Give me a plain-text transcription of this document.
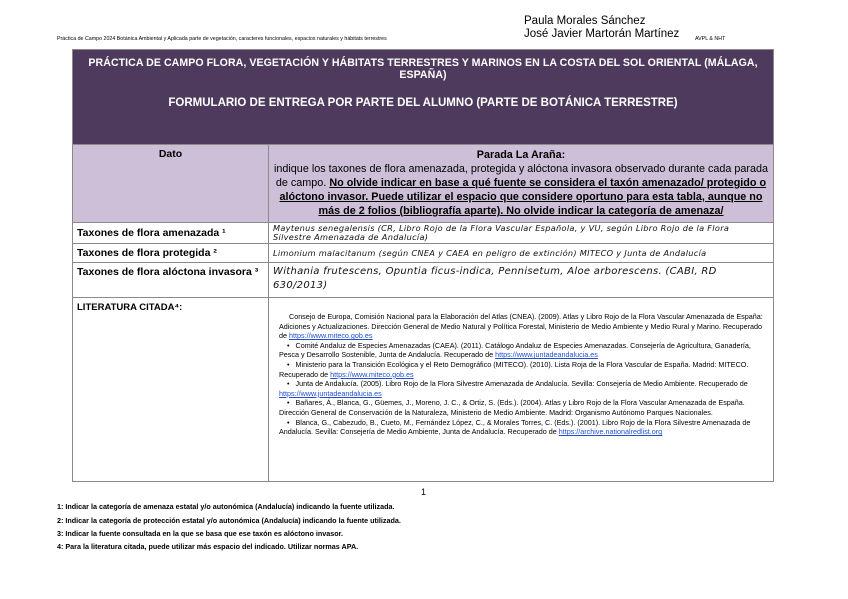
Práctica de Campo 2024 Botánica Ambiental y Aplicada parte de vegetación, caracteres funcionales, espacios naturales y hábitats terrestres
Paula Morales Sánchez
José Javier Martorán Martínez	AVPL & NHT
PRÁCTICA DE CAMPO FLORA, VEGETACIÓN Y HÁBITATS TERRESTRES Y MARINOS EN LA COSTA DEL SOL ORIENTAL (MÁLAGA, ESPAÑA)
FORMULARIO DE ENTREGA POR PARTE DEL ALUMNO (PARTE DE BOTÁNICA TERRESTRE)
Dato	Parada La Araña:
indique los taxones de flora amenazada, protegida y alóctona invasora observado durante cada parada de campo. No olvide indicar en base a qué fuente se considera el taxón amenazado/ protegido o alóctono invasor. Puede utilizar el espacio que considere oportuno para esta tabla, aunque no más de 2 folios (bibliografía aparte). No olvide indicar la categoría de amenaza/
Taxones de flora amenazada ¹	Maytenus senegalensis (CR, Libro Rojo de la Flora Vascular Española, y VU, según Libro Rojo de la Flora Silvestre Amenazada de Andalucía)
Taxones de flora protegida ²	Limonium malacitanum (según CNEA y CAEA en peligro de extinción) MITECO y Junta de Andalucía
Taxones de flora alóctona invasora ³	Withania frutescens, Opuntia ficus-indica, Pennisetum, Aloe arborescens. (CABI, RD 630/2013)
LITERATURA CITADA⁴:

Consejo de Europa, Comisión Nacional para la Elaboración del Atlas (CNEA). (2009). Atlas y Libro Rojo de la Flora Vascular Amenazada de España: Adiciones y Actualizaciones. Dirección General de Medio Natural y Política Forestal, Ministerio de Medio Ambiente y Medio Rural y Marino. Recuperado de https://www.miteco.gob.es

•   Comité Andaluz de Especies Amenazadas (CAEA). (2011). Catálogo Andaluz de Especies Amenazadas. Consejería de Agricultura, Ganadería, Pesca y Desarrollo Sostenible, Junta de Andalucía. Recuperado de https://www.juntadeandalucia.es

•   Ministerio para la Transición Ecológica y el Reto Demográfico (MITECO). (2010). Lista Roja de la Flora Vascular de España. Madrid: MITECO. Recuperado de https://www.miteco.gob.es

•   Junta de Andalucía. (2005). Libro Rojo de la Flora Silvestre Amenazada de Andalucía. Sevilla: Consejería de Medio Ambiente. Recuperado de https://www.juntadeandalucia.es

•   Bañares, Á., Blanca, G., Güemes, J., Moreno, J. C., & Ortiz, S. (Eds.). (2004). Atlas y Libro Rojo de la Flora Vascular Amenazada de España. Dirección General de Conservación de la Naturaleza, Ministerio de Medio Ambiente. Madrid: Organismo Autónomo Parques Nacionales.

•   Blanca, G., Cabezudo, B., Cueto, M., Fernández López, C., & Morales Torres, C. (Eds.). (2001). Libro Rojo de la Flora Silvestre Amenazada de Andalucía. Sevilla: Consejería de Medio Ambiente, Junta de Andalucía. Recuperado de https://archive.nationalredlist.org

1
1: Indicar la categoría de amenaza estatal y/o autonómica (Andalucía) indicando la fuente utilizada.
2: Indicar la categoría de protección estatal y/o autonómica (Andalucía) indicando la fuente utilizada.
3: Indicar la fuente consultada en la que se basa que ese taxón es alóctono invasor.
4: Para la literatura citada, puede utilizar más espacio del indicado. Utilizar normas APA.
